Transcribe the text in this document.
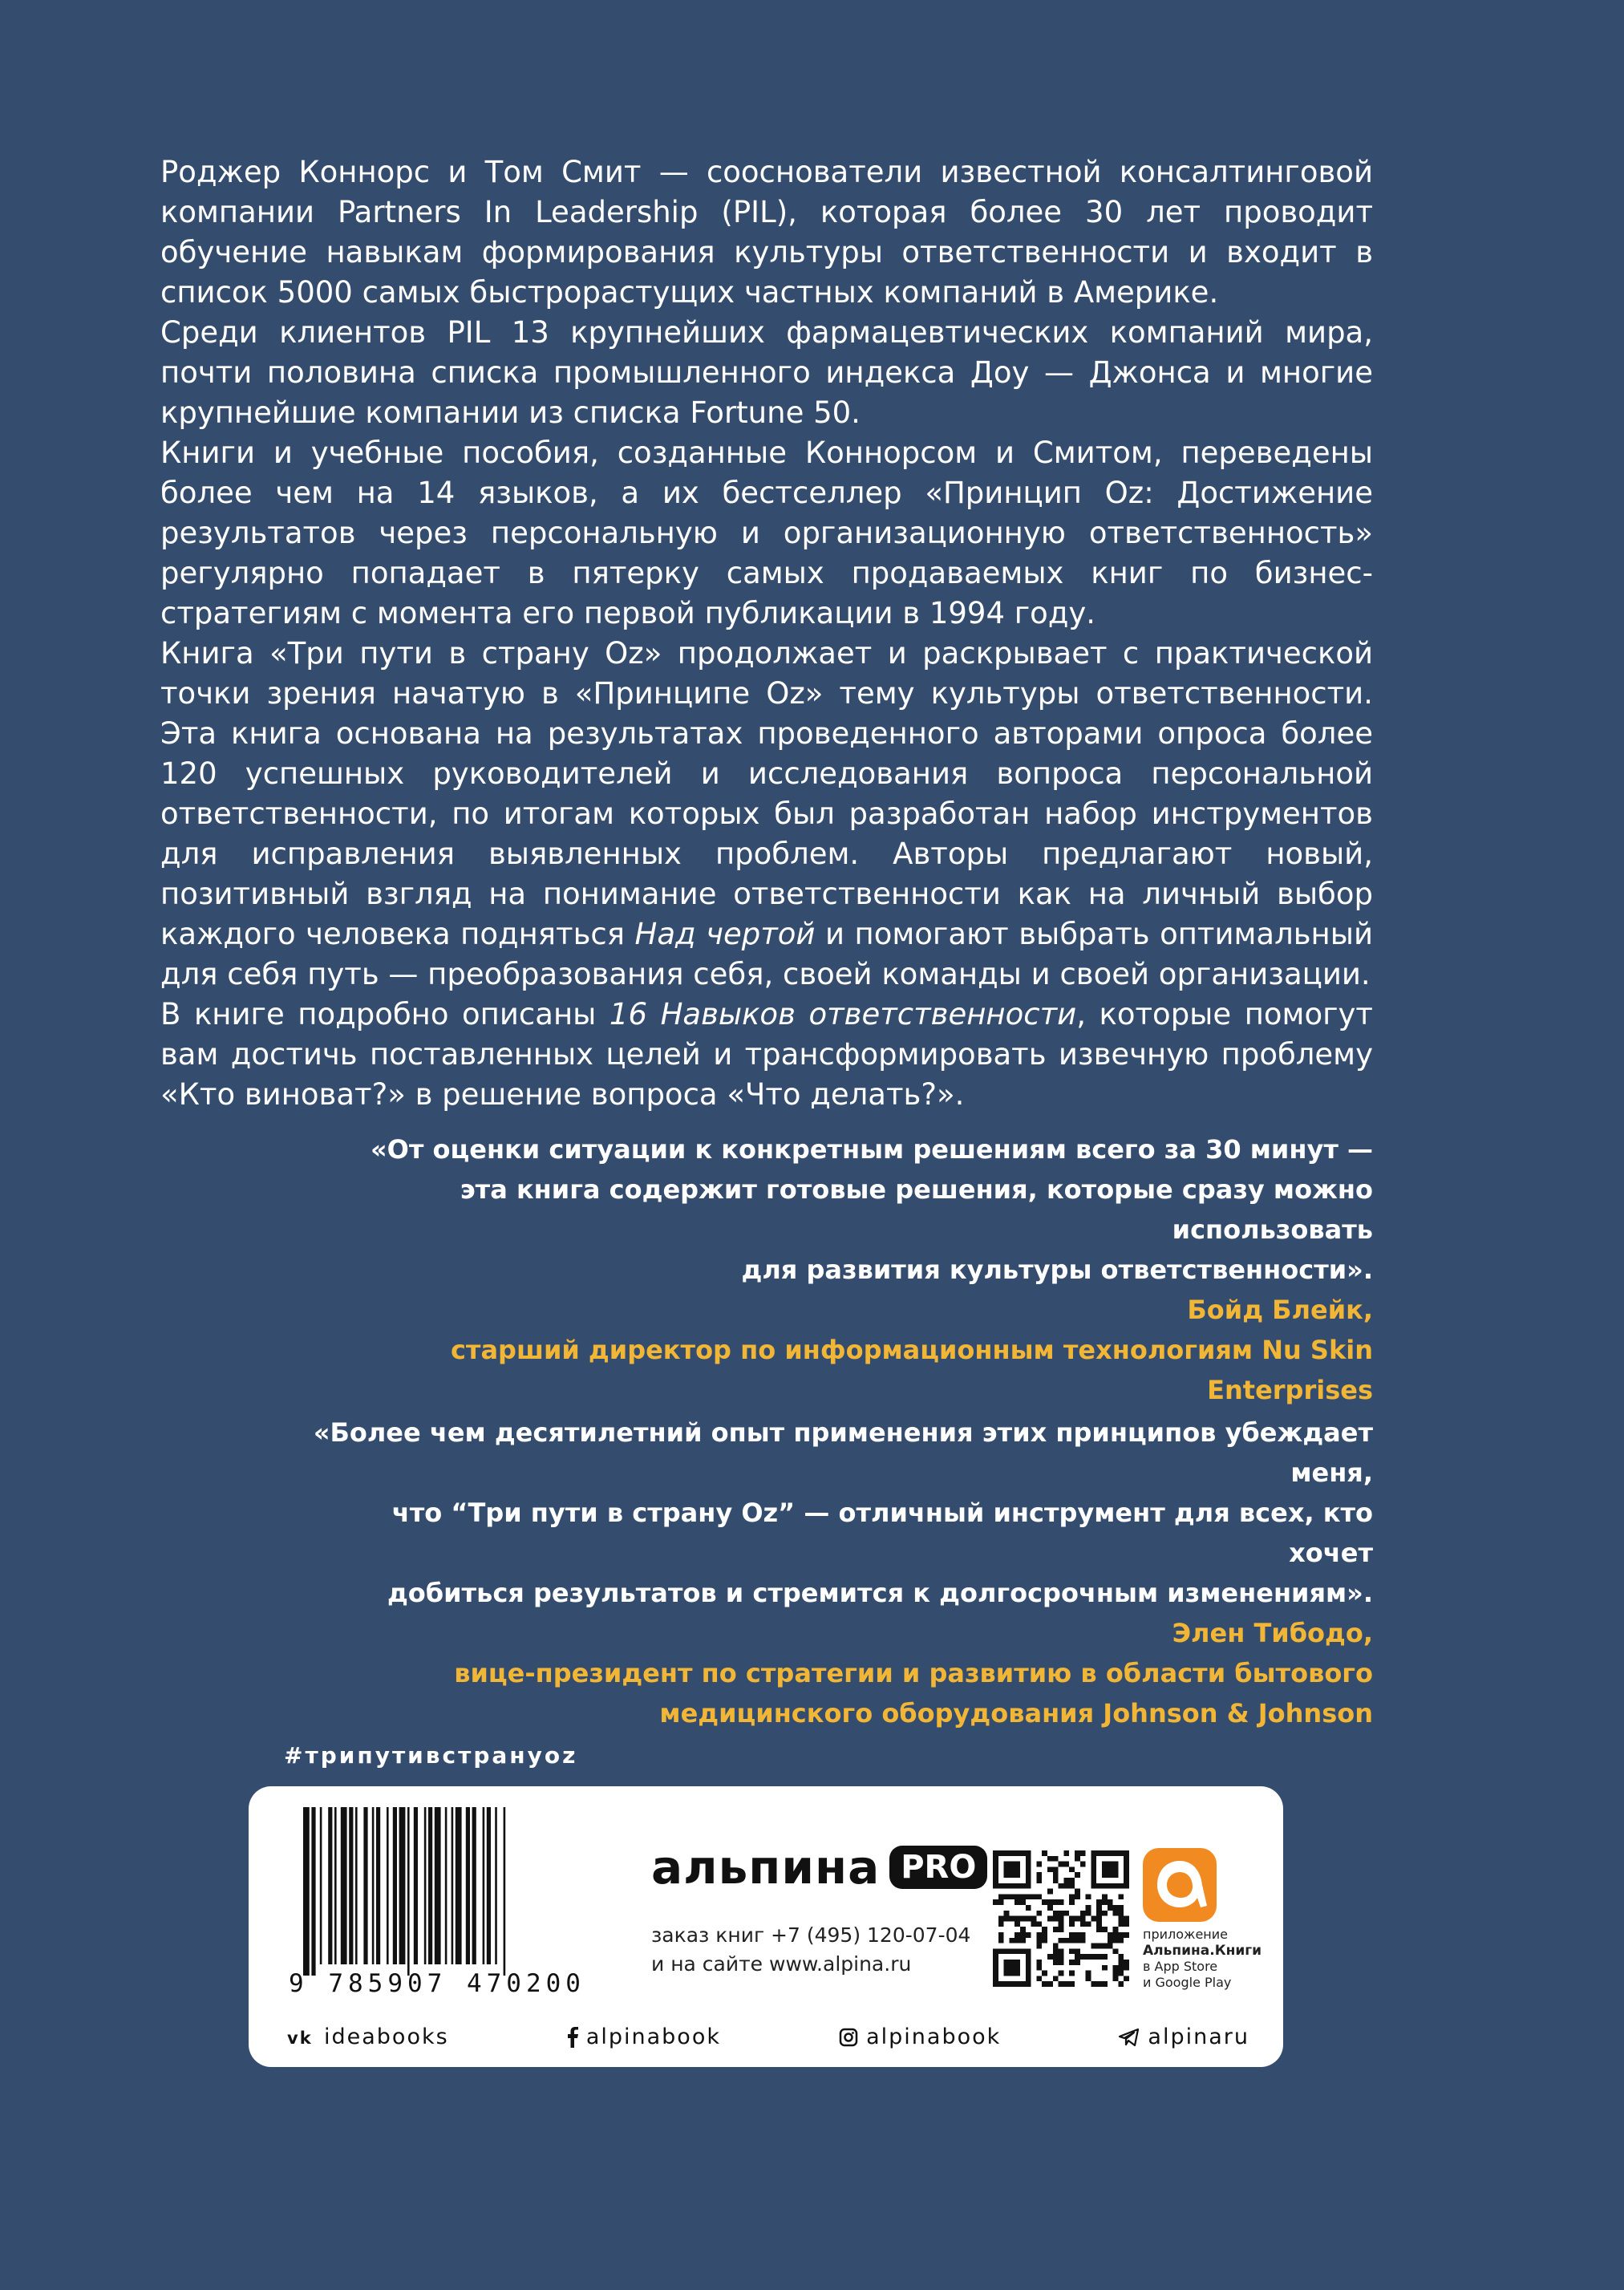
Роджер Коннорс и Том Смит — сооснователи известной консалтинговой компании Partners In Leadership (PIL), которая более 30 лет проводит обучение навыкам формирования культуры ответственности и входит в список 5000 самых быстрорастущих частных компаний в Америке.

Среди клиентов PIL 13 крупнейших фармацевтических компаний мира, почти половина списка промышленного индекса Доу — Джонса и многие крупнейшие компании из списка Fortune 50.

Книги и учебные пособия, созданные Коннорсом и Смитом, переведены более чем на 14 языков, а их бестселлер «Принцип Oz: Достижение результатов через персональную и организационную ответственность» регулярно попадает в пятерку самых продаваемых книг по бизнес-стратегиям с момента его первой публикации в 1994 году.

Книга «Три пути в страну Oz» продолжает и раскрывает с практической точки зрения начатую в «Принципе Oz» тему культуры ответственности. Эта книга основана на результатах проведенного авторами опроса более 120 успешных руководителей и исследования вопроса персональной ответственности, по итогам которых был разработан набор инструментов для исправления выявленных проблем. Авторы предлагают новый, позитивный взгляд на понимание ответственности как на личный выбор каждого человека подняться Над чертой и помогают выбрать оптимальный для себя путь — преобразования себя, своей команды и своей организации.

В книге подробно описаны 16 Навыков ответственности, которые помогут вам достичь поставленных целей и трансформировать извечную проблему «Кто виноват?» в решение вопроса «Что делать?».

«От оценки ситуации к конкретным решениям всего за 30 минут —
эта книга содержит готовые решения, которые сразу можно использовать
для развития культуры ответственности».
Бойд Блейк,
старший директор по информационным технологиям Nu Skin Enterprises
«Более чем десятилетний опыт применения этих принципов убеждает меня,
что “Три пути в страну Oz” — отличный инструмент для всех, кто хочет
добиться результатов и стремится к долгосрочным изменениям».
Элен Тибодо,
вице-президент по стратегии и развитию в области бытового
медицинского оборудования Johnson & Johnson
#трипутивстрануoz
9 785907 470200
альпина PRO
заказ книг +7 (495) 120-07-04
и на сайте www.alpina.ru
приложение
Альпина.Книги
в App Store
и Google Play
vk ideabooks	alpinabook	alpinabook	alpinaru
